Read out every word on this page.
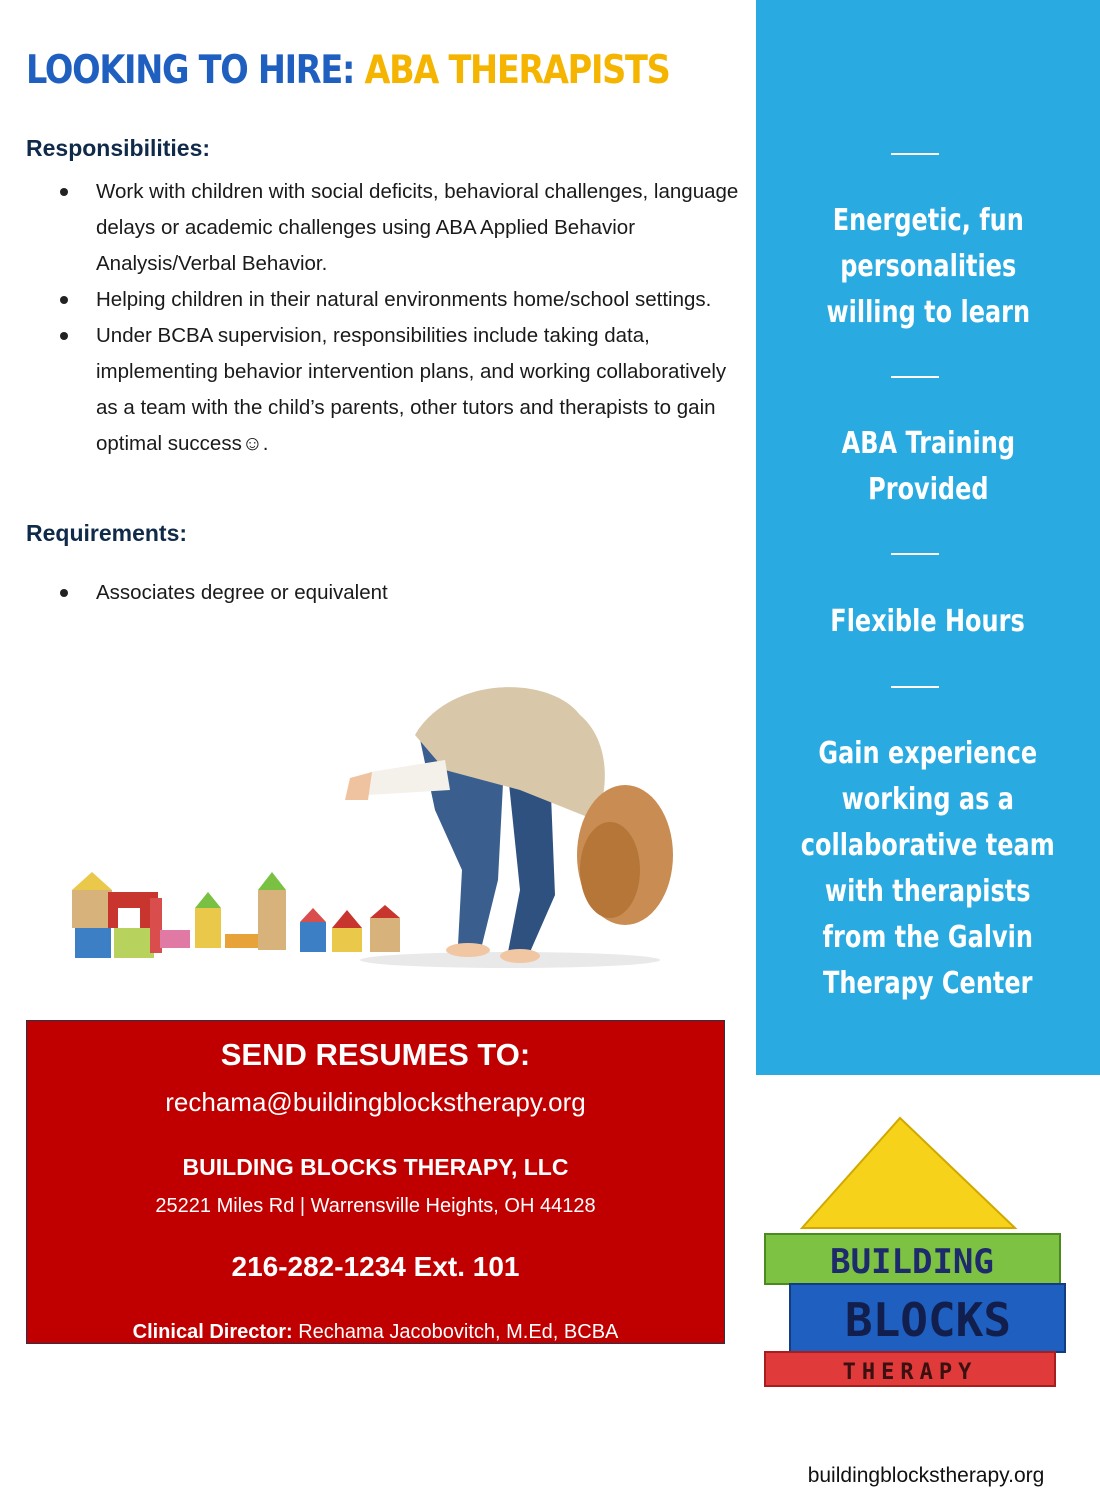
LOOKING TO HIRE: ABA THERAPISTS
Responsibilities:
Work with children with social deficits, behavioral challenges, language delays or academic challenges using ABA Applied Behavior Analysis/Verbal Behavior.
Helping children in their natural environments home/school settings.
Under BCBA supervision, responsibilities include taking data, implementing behavior intervention plans, and working collaboratively as a team with the child’s parents, other tutors and therapists to gain optimal success☺.
Requirements:
Associates degree or equivalent
Energetic, fun
personalities
willing to learn
ABA Training
Provided
Flexible Hours
Gain experience
working as a
collaborative team
with therapists
from the Galvin
Therapy Center
SEND RESUMES TO:
rechama@buildingblockstherapy.org
BUILDING BLOCKS THERAPY, LLC
25221 Miles Rd | Warrensville Heights, OH 44128
216-282-1234 Ext. 101
Clinical Director: Rechama Jacobovitch, M.Ed, BCBA
BUILDING
BLOCKS
THERAPY
buildingblockstherapy.org
